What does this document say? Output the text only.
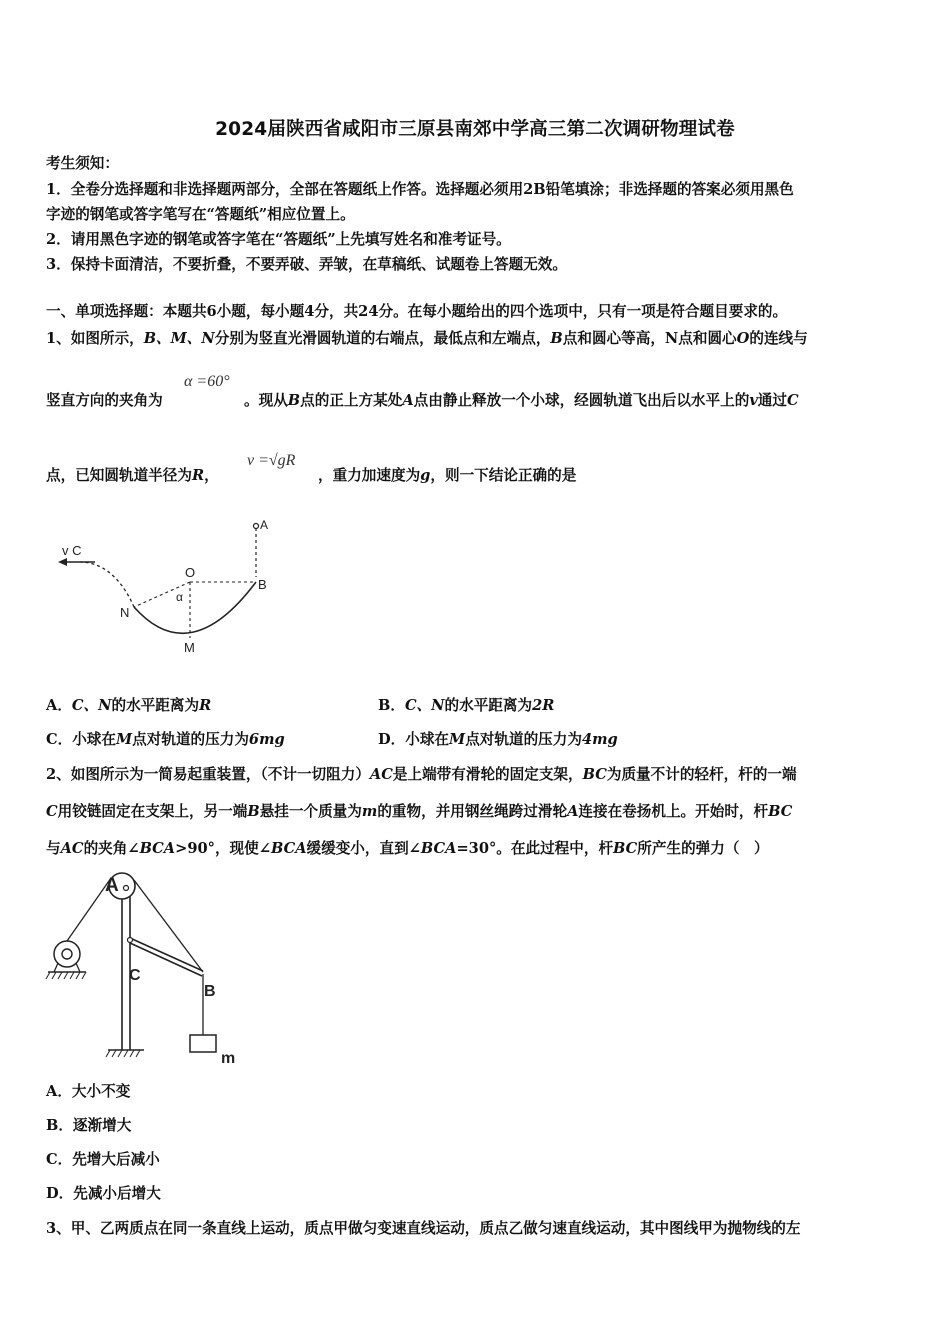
2024届陕西省咸阳市三原县南郊中学高三第二次调研物理试卷
考生须知：
1．全卷分选择题和非选择题两部分，全部在答题纸上作答。选择题必须用2B铅笔填涂；非选择题的答案必须用黑色
字迹的钢笔或答字笔写在“答题纸”相应位置上。
2．请用黑色字迹的钢笔或答字笔在“答题纸”上先填写姓名和准考证号。
3．保持卡面清洁，不要折叠，不要弄破、弄皱，在草稿纸、试题卷上答题无效。
一、单项选择题：本题共6小题，每小题4分，共24分。在每小题给出的四个选项中，只有一项是符合题目要求的。
1、如图所示，B、M、N分别为竖直光滑圆轨道的右端点，最低点和左端点，B点和圆心等高，N点和圆心O的连线与
竖直方向的夹角为
α =60°
。现从B点的正上方某处A点由静止释放一个小球，经圆轨道飞出后以水平上的v通过C
点，已知圆轨道半径为R，
v =√gR
，重力加速度为g，则一下结论正确的是
v C
A
O
B
α
N
M
A．C、N的水平距离为R	B．C、N的水平距离为2R
C．小球在M点对轨道的压力为6mg	D．小球在M点对轨道的压力为4mg
2、如图所示为一简易起重装置，（不计一切阻力）AC是上端带有滑轮的固定支架，BC为质量不计的轻杆，杆的一端
C用铰链固定在支架上，另一端B悬挂一个质量为m的重物，并用钢丝绳跨过滑轮A连接在卷扬机上。开始时，杆BC
与AC的夹角∠BCA>90°，现使∠BCA缓缓变小，直到∠BCA=30°。在此过程中，杆BC所产生的弹力（　）
A
C
B
m
A．大小不变
B．逐渐增大
C．先增大后减小
D．先减小后增大
3、甲、乙两质点在同一条直线上运动，质点甲做匀变速直线运动，质点乙做匀速直线运动，其中图线甲为抛物线的左
